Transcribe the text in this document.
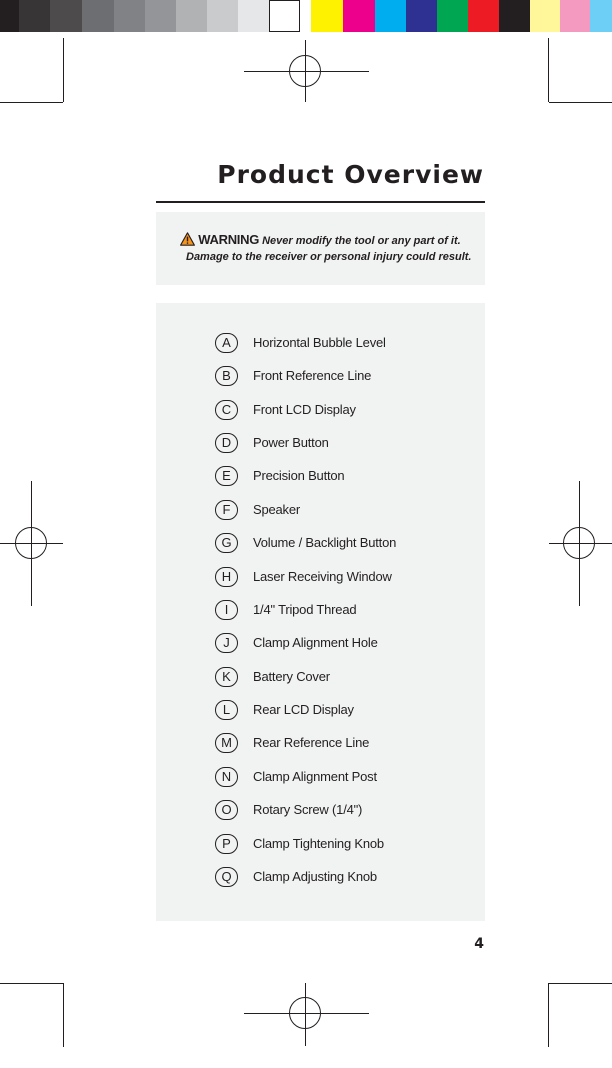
Product Overview
WARNING Never modify the tool or any part of it.
Damage to the receiver or personal injury could result.
A	Horizontal Bubble Level
B	Front Reference Line
C	Front LCD Display
D	Power Button
E	Precision Button
F	Speaker
G	Volume / Backlight Button
H	Laser Receiving Window
I	1/4" Tripod Thread
J	Clamp Alignment Hole
K	Battery Cover
L	Rear LCD Display
M	Rear Reference Line
N	Clamp Alignment Post
O	Rotary Screw (1/4")
P	Clamp Tightening Knob
Q	Clamp Adjusting Knob
4
